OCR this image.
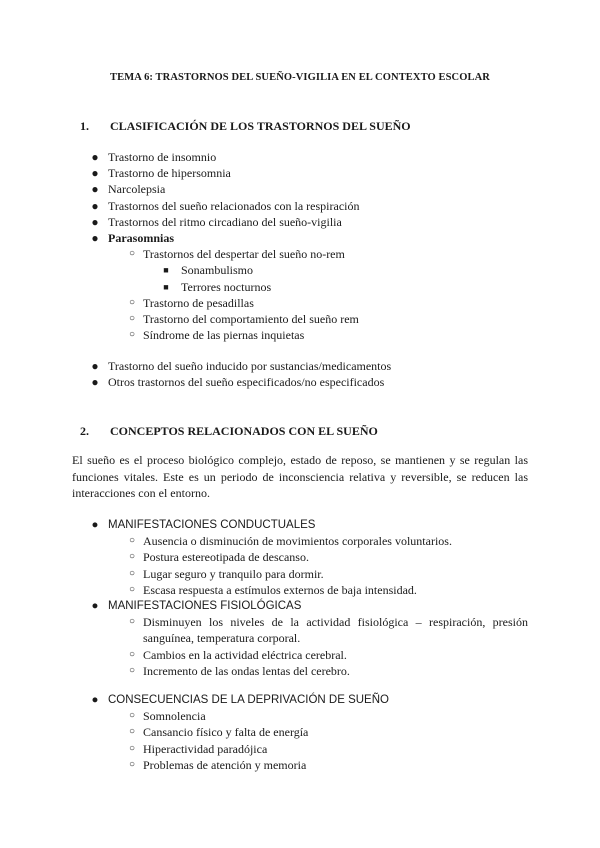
TEMA 6: TRASTORNOS DEL SUEÑO-VIGILIA EN EL CONTEXTO ESCOLAR
1. CLASIFICACIÓN DE LOS TRASTORNOS DEL SUEÑO
● Trastorno de insomnio
● Trastorno de hipersomnia
● Narcolepsia
● Trastornos del sueño relacionados con la respiración
● Trastornos del ritmo circadiano del sueño-vigilia
● Parasomnias
○ Trastornos del despertar del sueño no-rem
■ Sonambulismo
■ Terrores nocturnos
○ Trastorno de pesadillas
○ Trastorno del comportamiento del sueño rem
○ Síndrome de las piernas inquietas
● Trastorno del sueño inducido por sustancias/medicamentos
● Otros trastornos del sueño especificados/no especificados
2. CONCEPTOS RELACIONADOS CON EL SUEÑO
El sueño es el proceso biológico complejo, estado de reposo, se mantienen y se regulan las funciones vitales. Este es un periodo de inconsciencia relativa y reversible, se reducen las interacciones con el entorno.
● MANIFESTACIONES CONDUCTUALES
○ Ausencia o disminución de movimientos corporales voluntarios.
○ Postura estereotipada de descanso.
○ Lugar seguro y tranquilo para dormir.
○ Escasa respuesta a estímulos externos de baja intensidad.
● MANIFESTACIONES FISIOLÓGICAS
○ Disminuyen los niveles de la actividad fisiológica – respiración, presión sanguínea, temperatura corporal.
○ Cambios en la actividad eléctrica cerebral.
○ Incremento de las ondas lentas del cerebro.
● CONSECUENCIAS DE LA DEPRIVACIÓN DE SUEÑO
○ Somnolencia
○ Cansancio físico y falta de energía
○ Hiperactividad paradójica
○ Problemas de atención y memoria
